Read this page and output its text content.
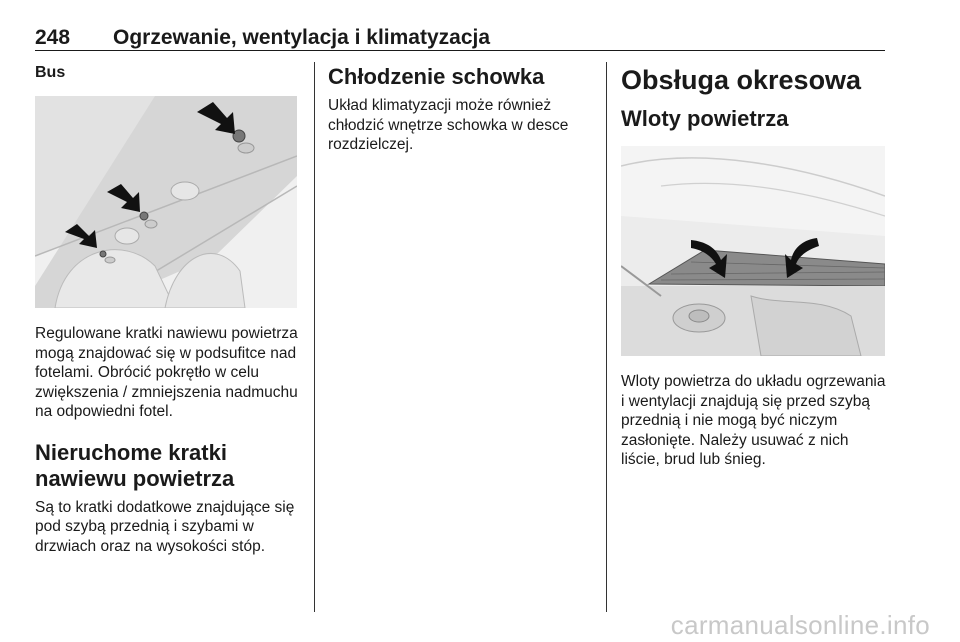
248 Ogrzewanie, wentylacja i klimatyzacja

Bus

Regulowane kratki nawiewu powietrza mogą znajdować się w podsufitce nad fotelami. Obrócić pokrętło w celu zwiększenia / zmniejszenia nadmuchu na odpowiedni fotel.

Nieruchome kratki nawiewu powietrza

Są to kratki dodatkowe znajdujące się pod szybą przednią i szybami w drzwiach oraz na wysokości stóp.

Chłodzenie schowka

Układ klimatyzacji może również chłodzić wnętrze schowka w desce rozdzielczej.

Obsługa okresowa

Wloty powietrza

Wloty powietrza do układu ogrzewania i wentylacji znajdują się przed szybą przednią i nie mogą być niczym zasłonięte. Należy usuwać z nich liście, brud lub śnieg.

carmanualsonline.info
